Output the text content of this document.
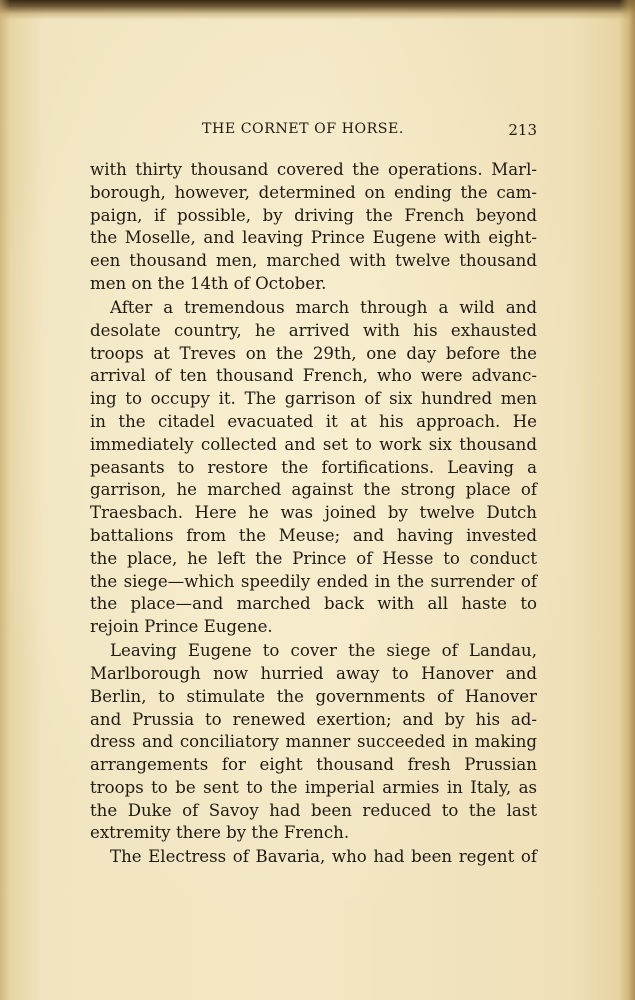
THE CORNET OF HORSE.	213
with thirty thousand covered the operations. Marl-
borough, however, determined on ending the cam-
paign, if possible, by driving the French beyond
the Moselle, and leaving Prince Eugene with eight-
een thousand men, marched with twelve thousand
men on the 14th of October.
After a tremendous march through a wild and
desolate country, he arrived with his exhausted
troops at Treves on the 29th, one day before the
arrival of ten thousand French, who were advanc-
ing to occupy it. The garrison of six hundred men
in the citadel evacuated it at his approach. He
immediately collected and set to work six thousand
peasants to restore the fortifications. Leaving a
garrison, he marched against the strong place of
Traesbach. Here he was joined by twelve Dutch
battalions from the Meuse; and having invested
the place, he left the Prince of Hesse to conduct
the siege—which speedily ended in the surrender of
the place—and marched back with all haste to
rejoin Prince Eugene.
Leaving Eugene to cover the siege of Landau,
Marlborough now hurried away to Hanover and
Berlin, to stimulate the governments of Hanover
and Prussia to renewed exertion; and by his ad-
dress and conciliatory manner succeeded in making
arrangements for eight thousand fresh Prussian
troops to be sent to the imperial armies in Italy, as
the Duke of Savoy had been reduced to the last
extremity there by the French.
The Electress of Bavaria, who had been regent of
